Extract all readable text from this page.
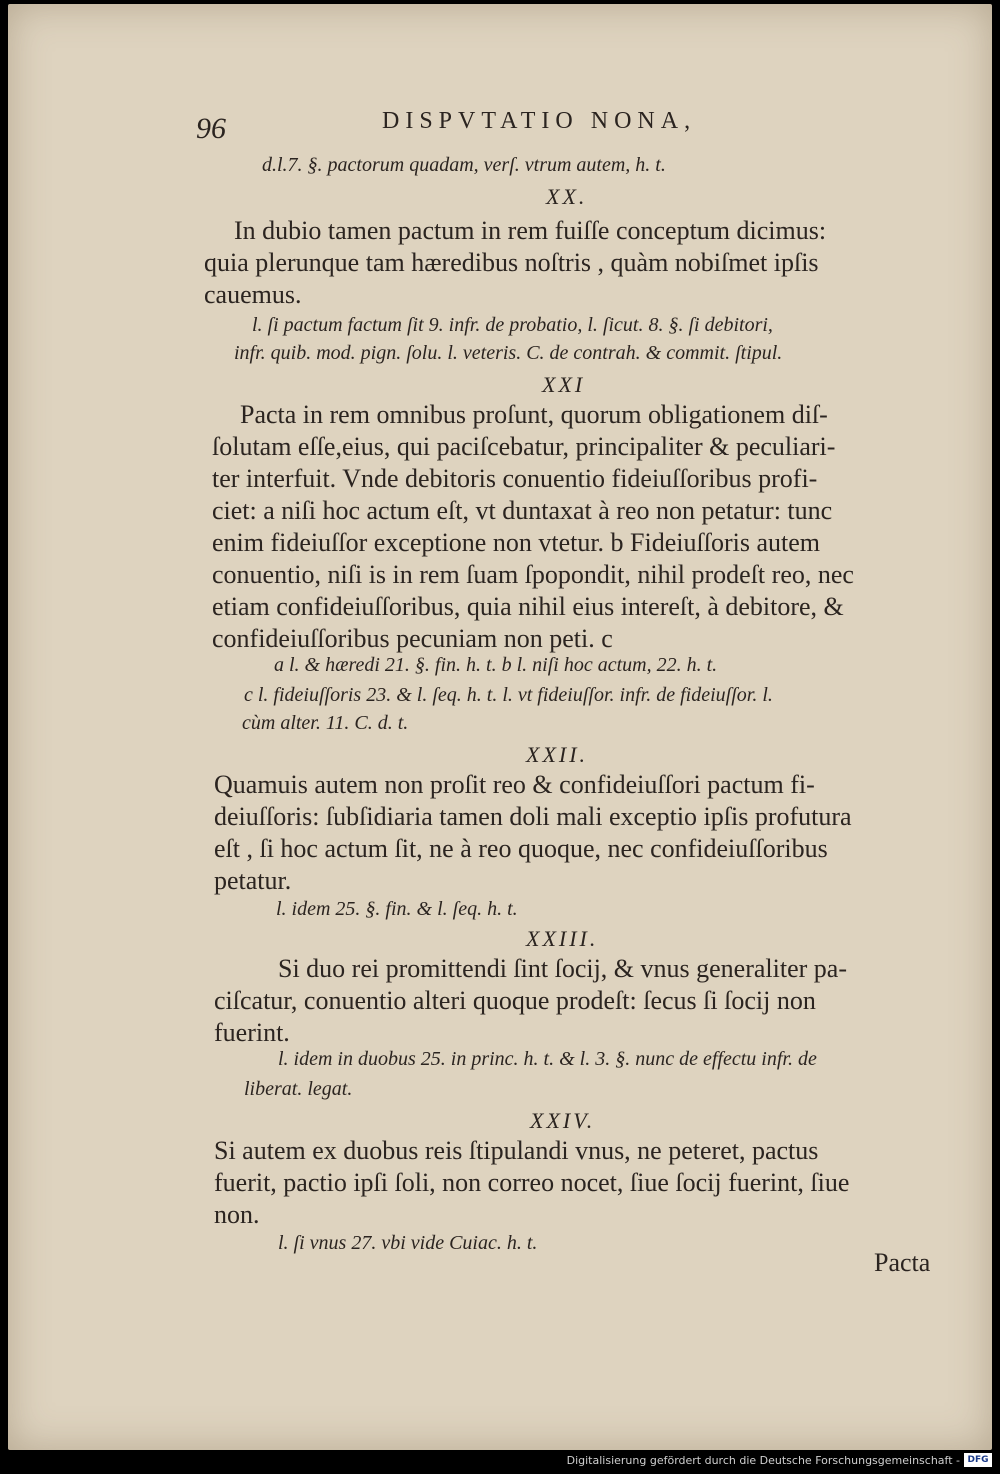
96	DISPVTATIO NONA,
d.l.7. §. pactorum quadam, verſ. vtrum autem, h. t.
XX.
In dubio tamen pactum in rem fuiſſe conceptum dicimus:
quia plerunque tam hæredibus noſtris , quàm nobiſmet ipſis
cauemus.
l. ſi pactum factum ſit 9. infr. de probatio, l. ſicut. 8. §. ſi debitori,
infr. quib. mod. pign. ſolu. l. veteris. C. de contrah. & commit. ſtipul.
XXI
Pacta in rem omnibus proſunt, quorum obligationem diſ-
ſolutam eſſe,eius, qui paciſcebatur, principaliter & peculiari-
ter interfuit. Vnde debitoris conuentio fideiuſſoribus profi-
ciet: a niſi hoc actum eſt, vt duntaxat à reo non petatur: tunc
enim fideiuſſor exceptione non vtetur. b Fideiuſſoris autem
conuentio, niſi is in rem ſuam ſpopondit, nihil prodeſt reo, nec
etiam confideiuſſoribus, quia nihil eius intereſt, à debitore, &
confideiuſſoribus pecuniam non peti. c
a l. & hæredi 21. §. fin. h. t. b l. niſi hoc actum, 22. h. t.
c l. fideiuſſoris 23. & l. ſeq. h. t. l. vt fideiuſſor. infr. de fideiuſſor. l.
cùm alter. 11. C. d. t.
XXII.
Quamuis autem non proſit reo & confideiuſſori pactum fi-
deiuſſoris: ſubſidiaria tamen doli mali exceptio ipſis profutura
eſt , ſi hoc actum ſit, ne à reo quoque, nec confideiuſſoribus
petatur.
l. idem 25. §. fin. & l. ſeq. h. t.
XXIII.
Si duo rei promittendi ſint ſocij, & vnus generaliter pa-
ciſcatur, conuentio alteri quoque prodeſt: ſecus ſi ſocij non
fuerint.
l. idem in duobus 25. in princ. h. t. & l. 3. §. nunc de effectu infr. de
liberat. legat.
XXIV.
Si autem ex duobus reis ſtipulandi vnus, ne peteret, pactus
fuerit, pactio ipſi ſoli, non correo nocet, ſiue ſocij fuerint, ſiue
non.
l. ſi vnus 27. vbi vide Cuiac. h. t.
Pacta
Digitalisierung gefördert durch die Deutsche Forschungsgemeinschaft - DFG
